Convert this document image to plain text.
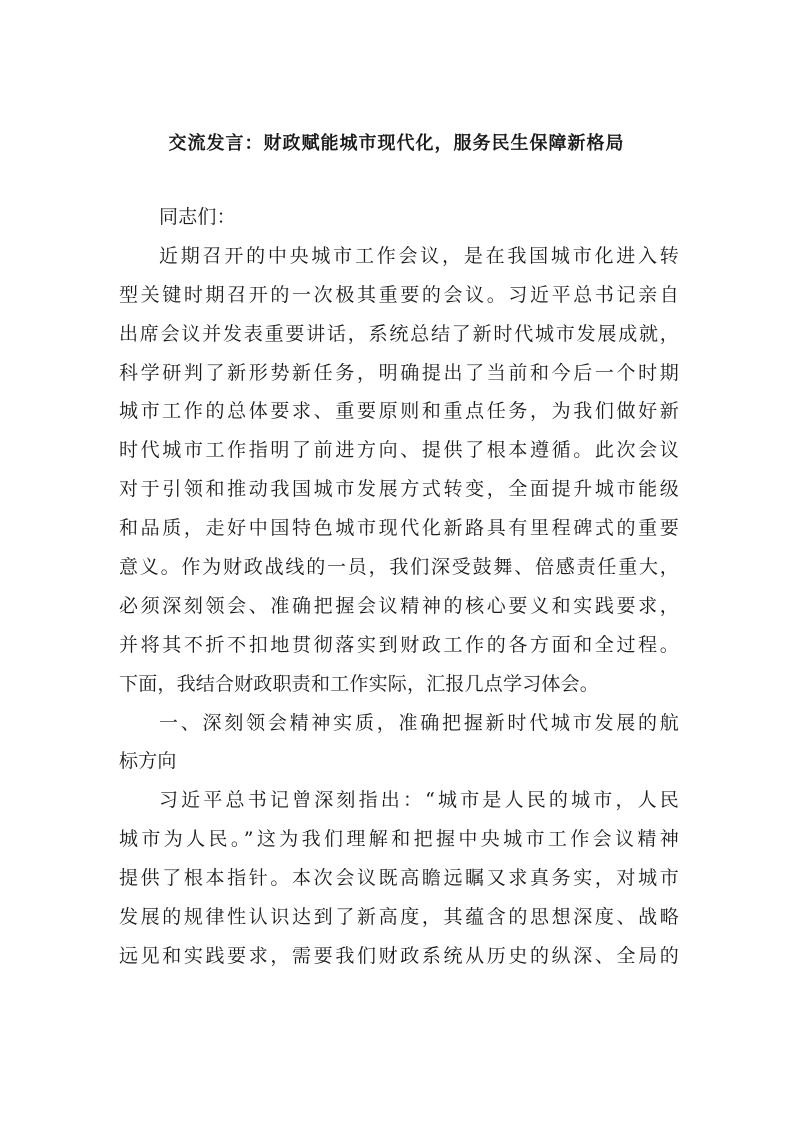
交流发言：财政赋能城市现代化，服务民生保障新格局
同志们：
近期召开的中央城市工作会议，是在我国城市化进入转
型关键时期召开的一次极其重要的会议。习近平总书记亲自
出席会议并发表重要讲话，系统总结了新时代城市发展成就，
科学研判了新形势新任务，明确提出了当前和今后一个时期
城市工作的总体要求、重要原则和重点任务，为我们做好新
时代城市工作指明了前进方向、提供了根本遵循。此次会议
对于引领和推动我国城市发展方式转变，全面提升城市能级
和品质，走好中国特色城市现代化新路具有里程碑式的重要
意义。作为财政战线的一员，我们深受鼓舞、倍感责任重大，
必须深刻领会、准确把握会议精神的核心要义和实践要求，
并将其不折不扣地贯彻落实到财政工作的各方面和全过程。
下面，我结合财政职责和工作实际，汇报几点学习体会。
一、深刻领会精神实质，准确把握新时代城市发展的航
标方向
习近平总书记曾深刻指出：“城市是人民的城市，人民
城市为人民。”这为我们理解和把握中央城市工作会议精神
提供了根本指针。本次会议既高瞻远瞩又求真务实，对城市
发展的规律性认识达到了新高度，其蕴含的思想深度、战略
远见和实践要求，需要我们财政系统从历史的纵深、全局的
